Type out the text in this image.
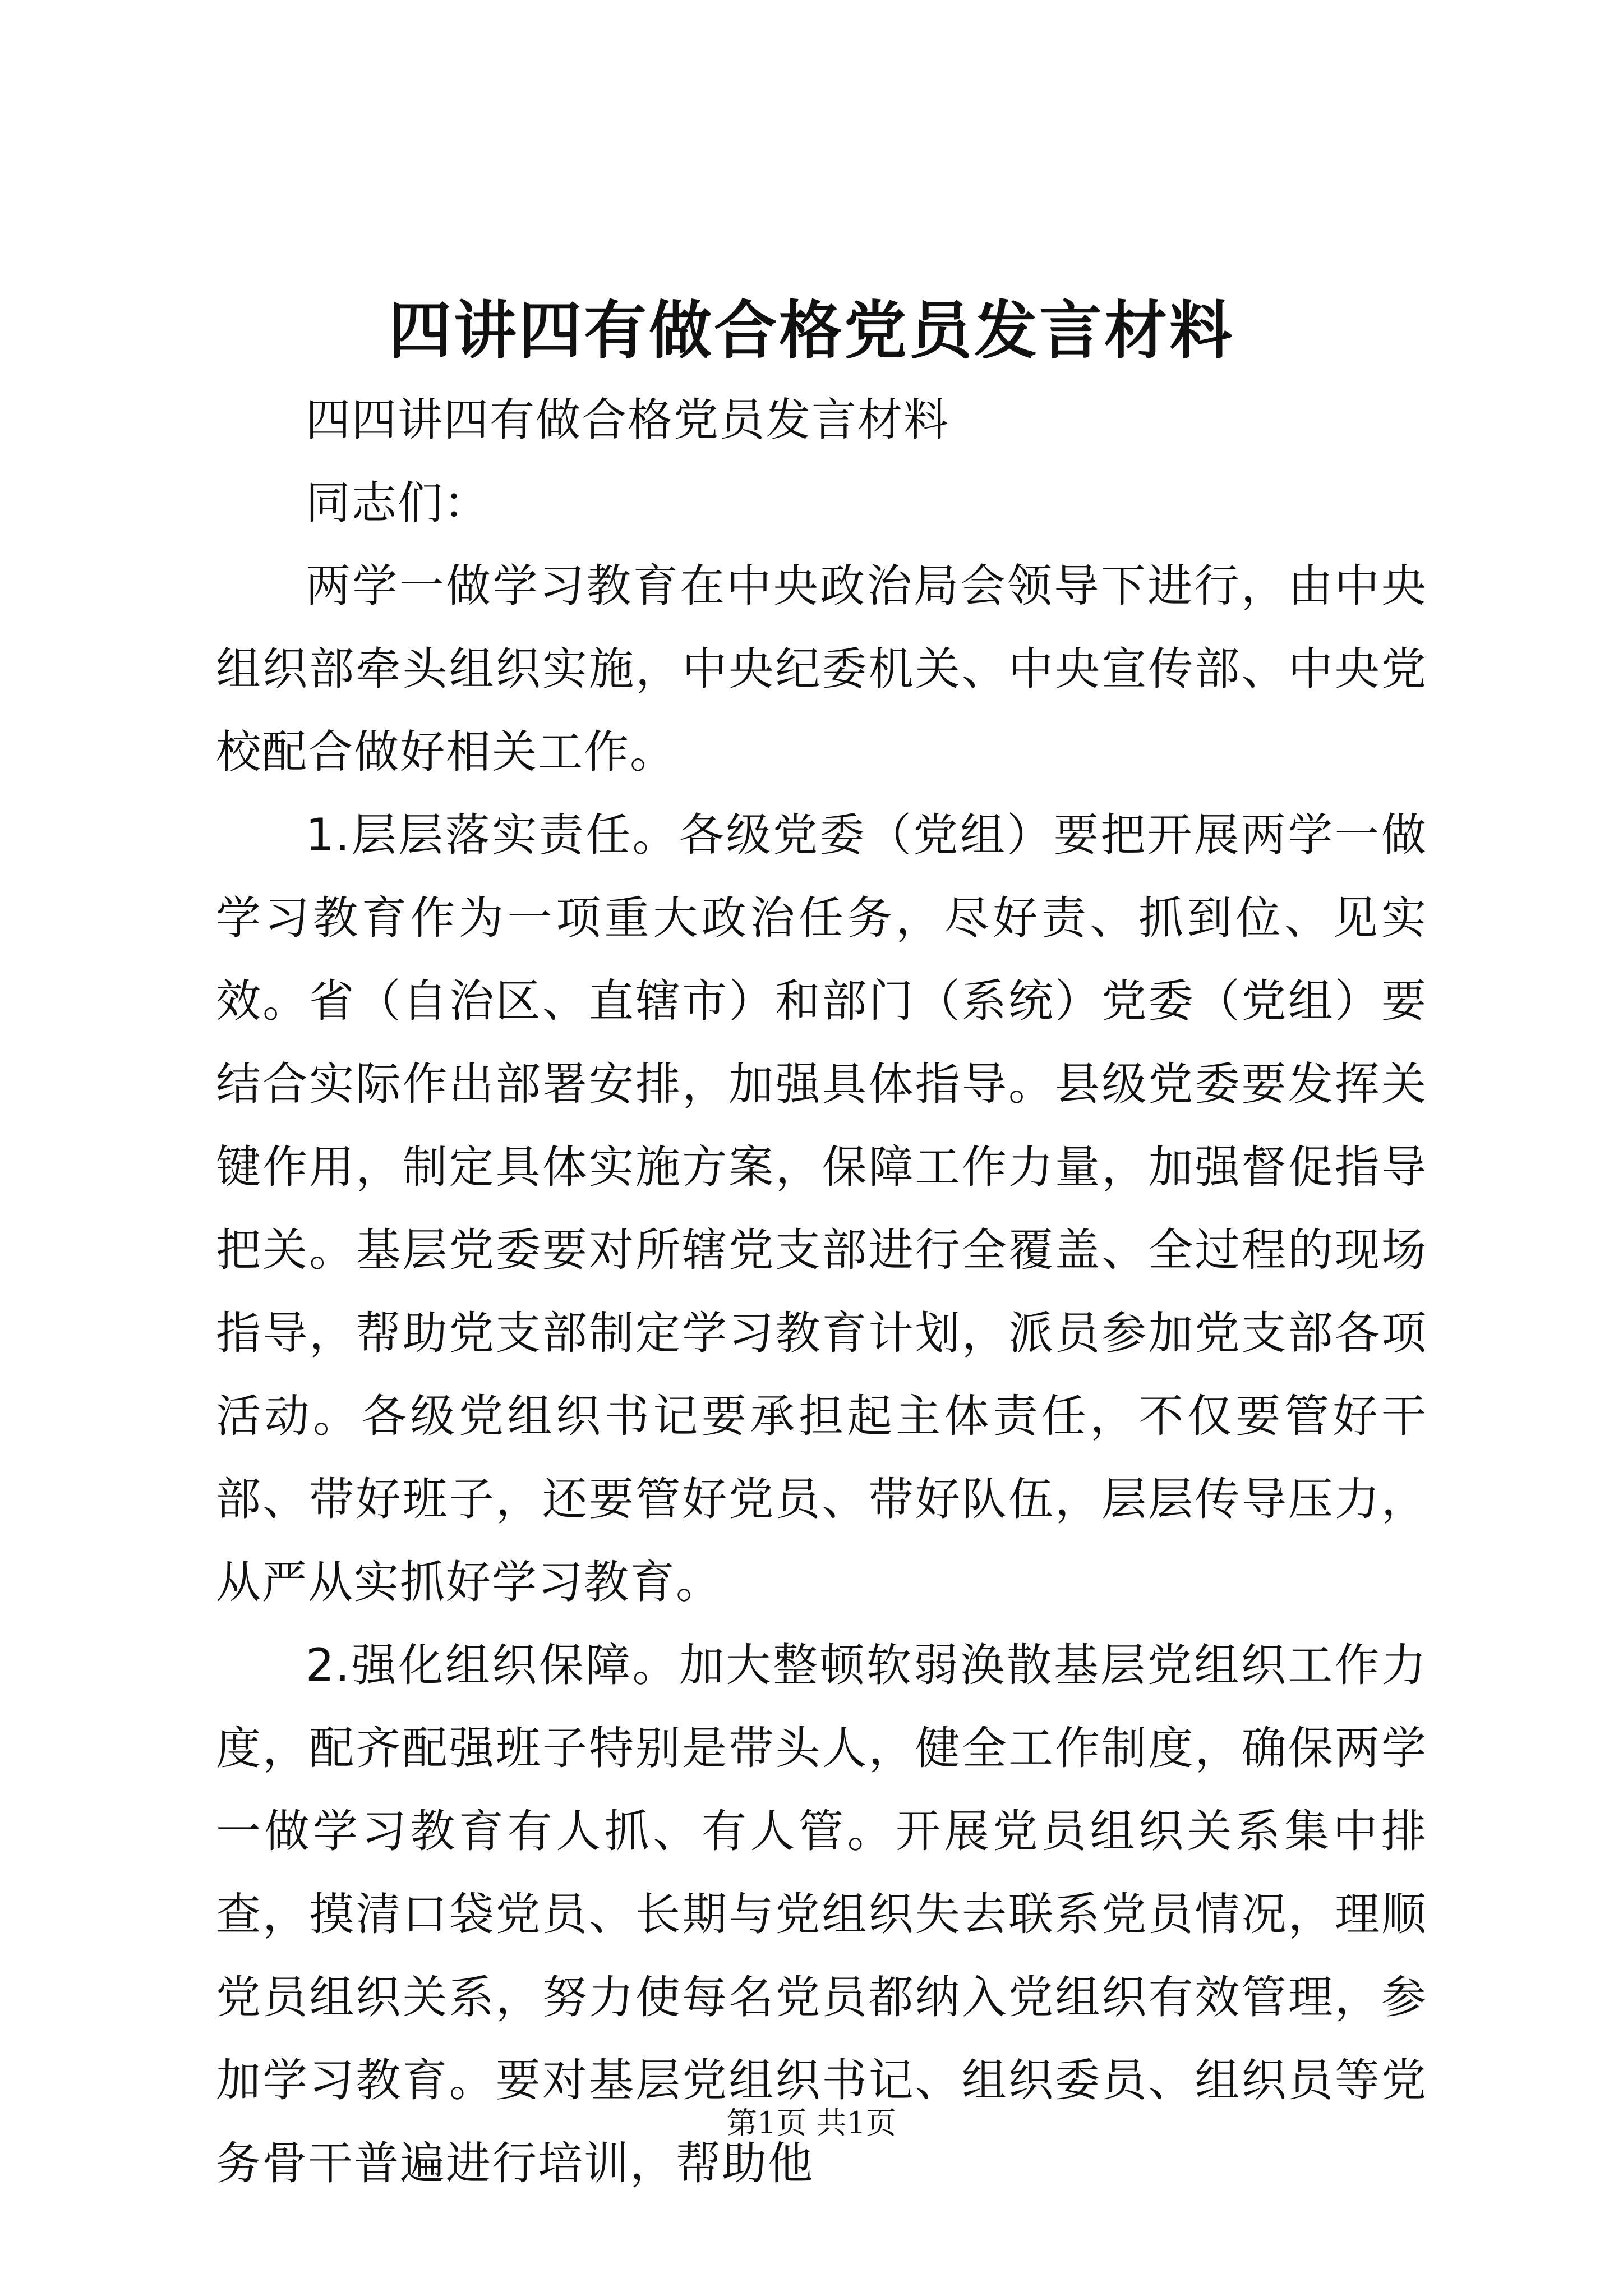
四讲四有做合格党员发言材料

四四讲四有做合格党员发言材料

同志们：

两学一做学习教育在中央政治局会领导下进行，由中央组织部牵头组织实施，中央纪委机关、中央宣传部、中央党校配合做好相关工作。

1.层层落实责任。各级党委（党组）要把开展两学一做学习教育作为一项重大政治任务，尽好责、抓到位、见实效。省（自治区、直辖市）和部门（系统）党委（党组）要结合实际作出部署安排，加强具体指导。县级党委要发挥关键作用，制定具体实施方案，保障工作力量，加强督促指导把关。基层党委要对所辖党支部进行全覆盖、全过程的现场指导，帮助党支部制定学习教育计划，派员参加党支部各项活动。各级党组织书记要承担起主体责任，不仅要管好干部、带好班子，还要管好党员、带好队伍，层层传导压力，从严从实抓好学习教育。

2.强化组织保障。加大整顿软弱涣散基层党组织工作力度，配齐配强班子特别是带头人，健全工作制度，确保两学一做学习教育有人抓、有人管。开展党员组织关系集中排查，摸清口袋党员、长期与党组织失去联系党员情况，理顺党员组织关系，努力使每名党员都纳入党组织有效管理，参加学习教育。要对基层党组织书记、组织委员、组织员等党务骨干普遍进行培训，帮助他

第1页 共1页
